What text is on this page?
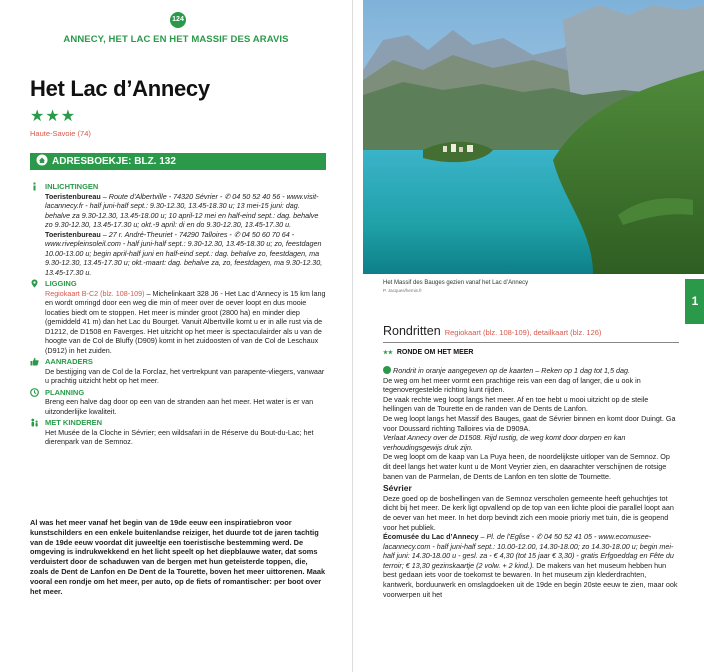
124
ANNECY, HET LAC EN HET MASSIF DES ARAVIS
Het Lac d’Annecy
★★★
Haute-Savoie (74)
ADRESBOEKJE: BLZ. 132
INLICHTINGEN
Toeristenbureau – Route d’Albertville - 74320 Sévrier - ✆ 04 50 52 40 56 - www.visit-lacannecy.fr - half juni-half sept.: 9.30-12.30, 13.45-18.30 u; 13 mei-15 juni: dag. behalve za 9.30-12.30, 13.45-18.00 u; 10 april-12 mei en half-eind sept.: dag. behalve zo 9.30-12.30, 13.45-17.30 u; okt.-9 april: di en do 9.30-12.30, 13.45-17.30 u.
Toeristenbureau – 27 r. André-Theuriet - 74290 Talloires - ✆ 04 50 60 70 64 - www.rivepleinsoleil.com - half juni-half sept.: 9.30-12.30, 13.45-18.30 u; zo, feestdagen 10.00-13.00 u; begin april-half juni en half-eind sept.: dag. behalve zo, feestdagen, ma 9.30-12.30, 13.45-17.30 u; okt.-maart: dag. behalve za, zo, feestdagen, ma 9.30-12.30, 13.45-17.30 u.
LIGGING
Regiokaart B-C2 (blz. 108-109) – Michelinkaart 328 J6 - Het Lac d’Annecy is 15 km lang en wordt omringd door een weg die min of meer over de oever loopt en dus mooie locaties biedt om te stoppen. Het meer is minder groot (2800 ha) en minder diep (gemiddeld 41 m) dan het Lac du Bourget. Vanuit Albertville komt u er in alle rust via de D1212, de D1508 en Faverges. Het uitzicht op het meer is spectaculairder als u van de hoogte van de Col de Bluffy (D909) komt in het zuidoosten of van de Col de Leschaux (D912) in het zuiden.
AANRADERS
De bestijging van de Col de la Forclaz, het vertrekpunt van parapente-vliegers, vanwaar u prachtig uitzicht hebt op het meer.
PLANNING
Breng een halve dag door op een van de stranden aan het meer. Het water is er van uitzonderlijke kwaliteit.
MET KINDEREN
Het Musée de la Cloche in Sévrier; een wildsafari in de Réserve du Bout-du-Lac; het dierenpark van de Semnoz.

Al was het meer vanaf het begin van de 19de eeuw een inspiratiebron voor kunstschilders en een enkele buitenlandse reiziger, het duurde tot de jaren tachtig van de 19de eeuw voordat dit juweeltje een toeristische bestemming werd. De omgeving is indrukwekkend en het licht speelt op het diepblauwe water, dat soms verduistert door de schaduwen van de bergen met hun geteisterde toppen, die, zoals de Dent de Lanfon en De Dent de la Tourette, boven het meer uittorenen. Maak vooral een rondje om het meer, per auto, op de fiets of romantischer: per boot over het meer.

Het Massif des Bauges gezien vanaf het Lac d’Annecy
P. Jacques/hemis.fr
1
Rondritten Regiokaart (blz. 108-109), detailkaart (blz. 126)
★★ RONDE OM HET MEER

Rondrit in oranje aangegeven op de kaarten – Reken op 1 dag tot 1,5 dag.

De weg om het meer vormt een prachtige reis van een dag of langer, die u ook in tegenovergestelde richting kunt rijden.

De vaak rechte weg loopt langs het meer. Af en toe hebt u mooi uitzicht op de steile hellingen van de Tourette en de randen van de Dents de Lanfon.

De weg loopt langs het Massif des Bauges, gaat de Sévrier binnen en komt door Duingt. Ga voor Doussard richting Talloires via de D909A.

Verlaat Annecy over de D1508. Rijd rustig, de weg komt door dorpen en kan verhoudingsgewijs druk zijn.

De weg loopt om de kaap van La Puya heen, de noordelijkste uitloper van de Semnoz. Op dit deel langs het water kunt u de Mont Veyrier zien, en daarachter verschijnen de rotsige banen van de Parmelan, de Dents de Lanfon en ten slotte de Tournette.

Sévrier

Deze goed op de boshellingen van de Semnoz verscholen gemeente heeft gehuchtjes tot dicht bij het meer. De kerk ligt opvallend op de top van een lichte plooi die parallel loopt aan de oever van het meer. In het dorp bevindt zich een mooie prioriy met tuin, die is geopend voor het publiek.

Écomusée du Lac d’Annecy – Pl. de l’Eglise - ✆ 04 50 52 41 05 - www.ecomusee-lacannecy.com - half juni-half sept.: 10.00-12.00, 14.30-18.00; zo 14.30-18.00 u; begin mei-half juni: 14.30-18.00 u - gesl. za - € 4,30 (tot 15 jaar € 3,30) - gratis Erfgoeddag en Fête du terroir; € 13,30 gezinskaartje (2 volw. + 2 kind.). De makers van het museum hebben hun best gedaan iets voor de toekomst te bewaren. In het museum zijn klederdrachten, kantwerk, borduurwerk en omslagdoeken uit de 19de en begin 20ste eeuw te zien, maar ook voorwerpen uit het
